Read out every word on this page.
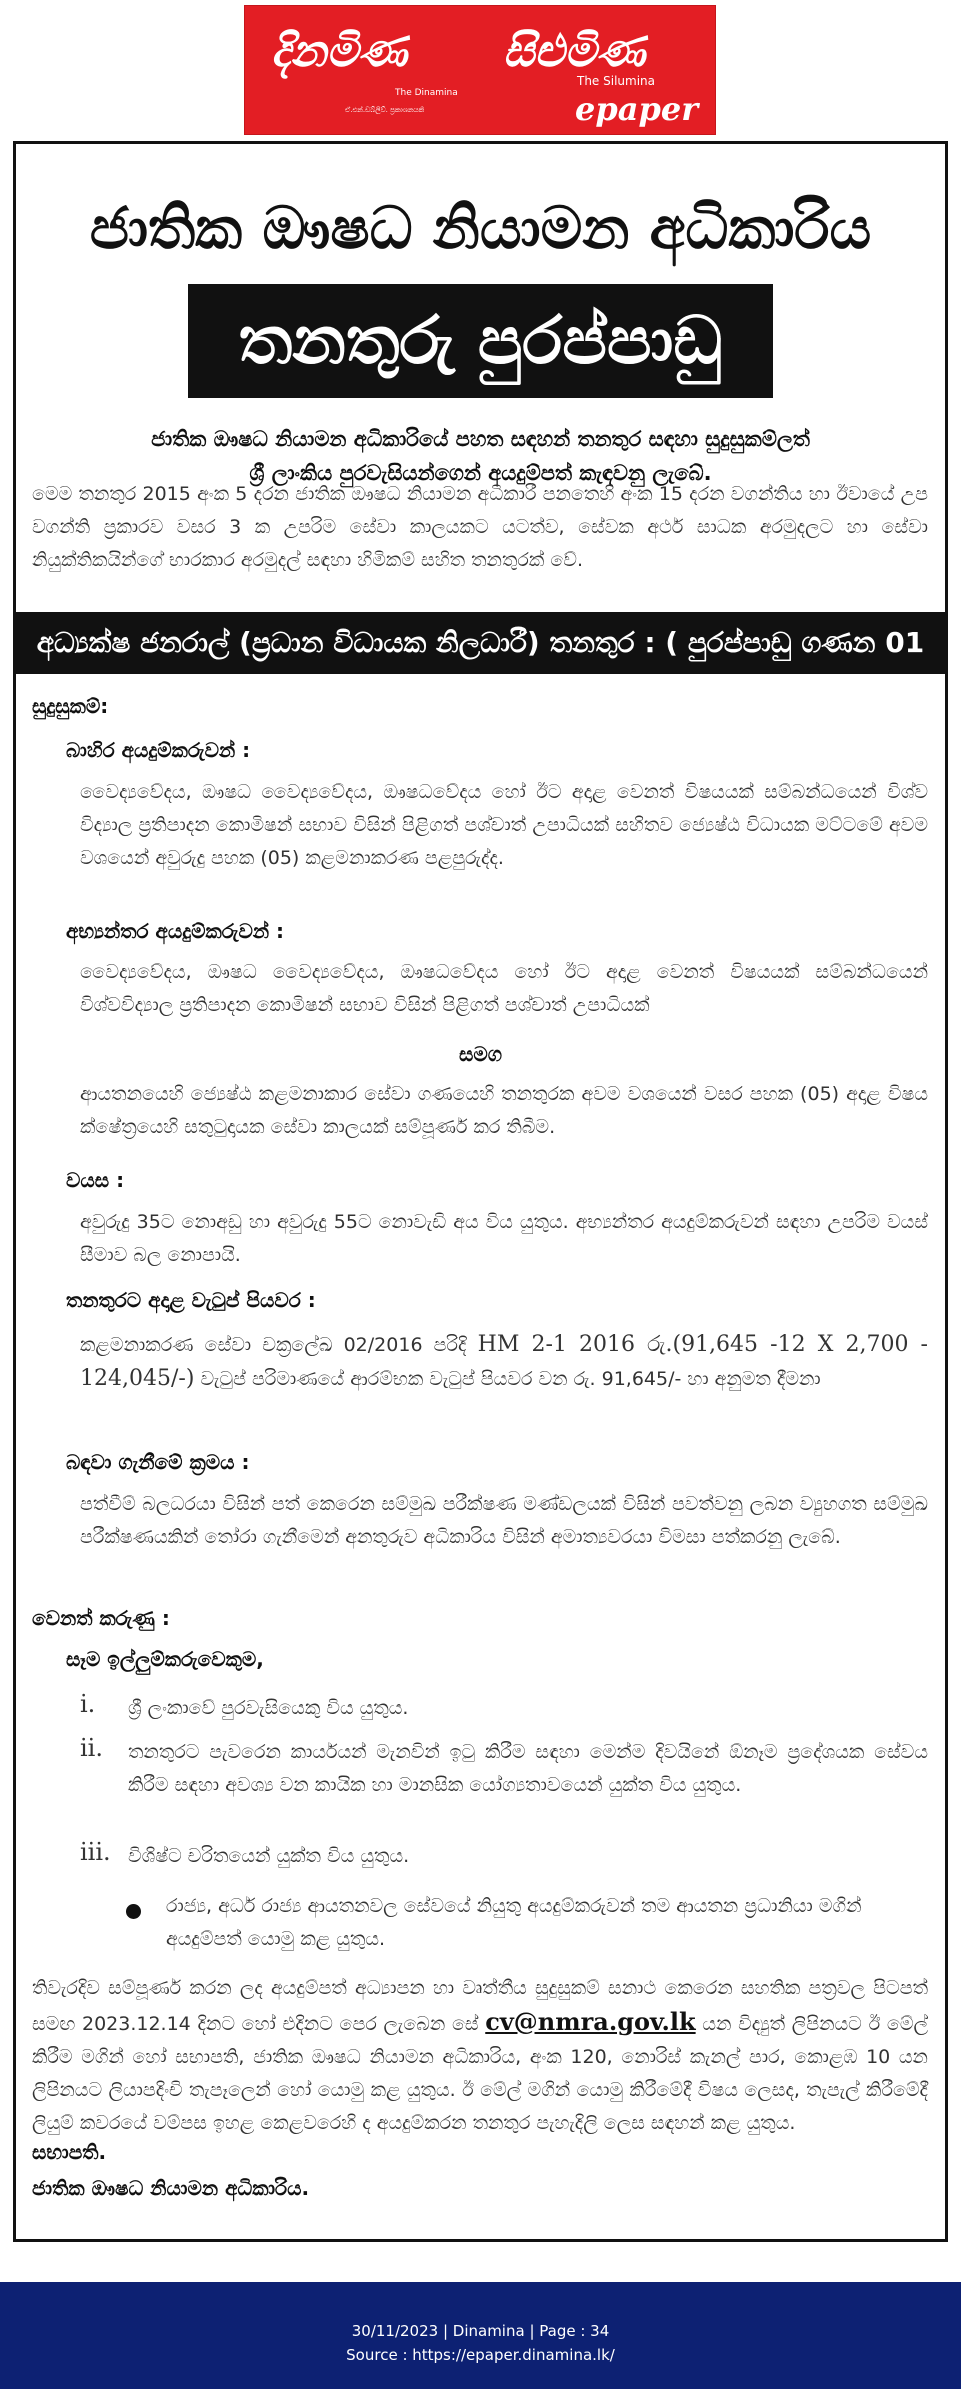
දිනමිණ
The Dinamina
ඒ.එන්.ඩබ්ලිව්. ප්‍රකාශනයකි
සිළුමිණ
The Silumina
epaper
ජාතික ඖෂධ නියාමන අධිකාරිය
තනතුරු පුරප්පාඩු
ජාතික ඖෂධ නියාමන අධිකාරියේ පහත සඳහන් තනතුර සඳහා සුදුසුකම්ලත්
ශ්‍රී ලාංකිය පුරවැසියන්ගෙන් අයදුම්පත් කැඳවනු ලැබේ.
මෙම තනතුර 2015 අංක 5 දරන ජාතික ඖෂධ නියාමන අධිකාරී පනතෙහි අංක 15 දරන වගන්තිය හා ඊවායේ උප වගන්ති ප්‍රකාරව වසර 3 ක උපරිම සේවා කාලයකට යටත්ව, සේවක අර්ථ සාධක අරමුදලට හා සේවා නියුක්තිකයින්ගේ භාරකාර අරමුදල් සඳහා හිමිකම් සහිත තනතුරක් වේ.
අධ්‍යක්ෂ ජනරාල් (ප්‍රධාන විධායක නිලධාරී) තනතුර : ( පුරප්පාඩු ගණන 01 යි)
සුදුසුකම්:
බාහිර අයදුම්කරුවන් :
වෛද්‍යවේදය, ඖෂධ වෛද්‍යවේදය, ඖෂධවේදය හෝ ඊට අදාළ වෙනත් විෂයයක් සම්බන්ධයෙන් විශ්ව විද්‍යාල ප්‍රතිපාදන කොමිෂන් සභාව විසින් පිළිගත් පශ්චාත් උපාධියක් සහිතව ජ්‍යෙෂ්ඨ විධායක මට්ටමේ අවම වශයෙන් අවුරුදු පහක (05) කළමනාකරණ පළපුරුද්ද.
අභ්‍යන්තර අයදුම්කරුවන් :
වෛද්‍යවේදය, ඖෂධ වෛද්‍යවේදය, ඖෂධවේදය හෝ ඊට අදාළ වෙනත් විෂයයක් සම්බන්ධයෙන් විශ්වවිද්‍යාල ප්‍රතිපාදන කොමිෂන් සභාව විසින් පිළිගත් පශ්චාත් උපාධියක්
සමග
ආයතනයෙහි ජ්‍යෙෂ්ඨ කළමනාකාර සේවා ගණයෙහි තනතුරක අවම වශයෙන් වසර පහක (05) අදාළ විෂය ක්ෂේත්‍රයෙහි සතුටුදායක සේවා කාලයක් සම්පූර්ණ කර තිබීම.
වයස :
අවුරුදු 35ට නොඅඩු හා අවුරුදු 55ට නොවැඩි අය විය යුතුය. අභ්‍යන්තර අයදුම්කරුවන් සඳහා උපරිම වයස් සීමාව බල නොපායි.
තනතුරට අදාළ වැටුප් පියවර :
කළමනාකරණ සේවා චක්‍රලේඛ 02/2016 පරිදි HM 2-1 2016 රු.(91,645 -12 X 2,700 - 124,045/-) වැටුප් පරිමාණයේ ආරම්භක වැටුප් පියවර වන රු. 91,645/- හා අනුමත දීමනා
බඳවා ගැනීමේ ක්‍රමය :
පත්වීම් බලධරයා විසින් පත් කෙරෙන සම්මුඛ පරීක්ෂණ මණ්ඩලයක් විසින් පවත්වනු ලබන ව්‍යුහගත සම්මුඛ පරීක්ෂණයකින් තෝරා ගැනීමෙන් අනතුරුව අධිකාරිය විසින් අමාත්‍යවරයා විමසා පත්කරනු ලැබේ.
වෙනත් කරුණු :
සෑම ඉල්ලුම්කරුවෙකුම,
i. ශ්‍රී ලංකාවේ පුරවැසියෙකු විය යුතුය.
ii. තනතුරට පැවරෙන කාර්යයන් මැනවින් ඉටු කිරීම සඳහා මෙන්ම දිවයිනේ ඕනෑම ප්‍රදේශයක සේවය කිරීම සඳහා අවශ්‍ය වන කායික හා මානසික යෝග්‍යතාවයෙන් යුක්ත විය යුතුය.
iii. විශිෂ්ට චරිතයෙන් යුක්ත විය යුතුය.
රාජ්‍ය, අර්ධ රාජ්‍ය ආයතනවල සේවයේ නියුතු අයදුම්කරුවන් තම ආයතන ප්‍රධානියා මගින් අයදුම්පත් යොමු කළ යුතුය.
තිවැරදිව සම්පූර්ණ කරන ලද අයදුම්පත් අධ්‍යාපන හා වෘත්තීය සුදුසුකම් සනාථ කෙරෙන සහතික පත්‍රවල පිටපත් සමඟ 2023.12.14 දිනට හෝ එදිනට පෙර ලැබෙන සේ cv@nmra.gov.lk යන විද්‍යුත් ලිපිනයට ඊ මේල් කිරීම මගින් හෝ සභාපති, ජාතික ඖෂධ නියාමන අධිකාරිය, අංක 120, නොරිස් කැනල් පාර, කොළඹ 10 යන ලිපිනයට ලියාපදිංචි තැපෑලෙන් හෝ යොමු කළ යුතුය. ඊ මේල් මගින් යොමු කිරීමේදී විෂය ලෙසද, තැපැල් කිරීමේදී ලියුම් කවරයේ වම්පස ඉහළ කෙළවරෙහි ද අයදුම්කරන තනතුර පැහැදිලි ලෙස සඳහන් කළ යුතුය.
සභාපති.
ජාතික ඖෂධ නියාමන අධිකාරිය.
30/11/2023 | Dinamina | Page : 34
Source : https://epaper.dinamina.lk/
